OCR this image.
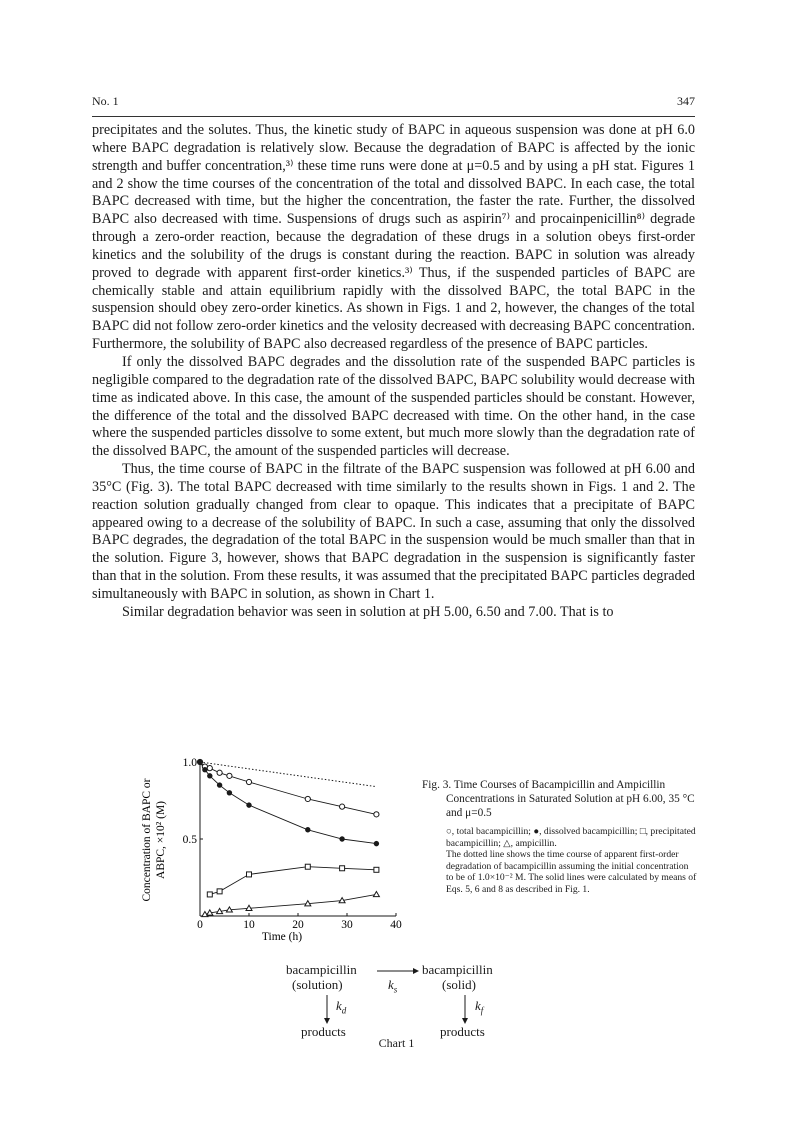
No. 1	347

precipitates and the solutes. Thus, the kinetic study of BAPC in aqueous suspension was done at pH 6.0 where BAPC degradation is relatively slow. Because the degradation of BAPC is affected by the ionic strength and buffer concentration,³⁾ these time runs were done at μ=0.5 and by using a pH stat. Figures 1 and 2 show the time courses of the concentration of the total and dissolved BAPC. In each case, the total BAPC decreased with time, but the higher the concentration, the faster the rate. Further, the dissolved BAPC also decreased with time. Suspensions of drugs such as aspirin⁷⁾ and procainpenicillin⁸⁾ degrade through a zero-order reaction, because the degradation of these drugs in a solution obeys first-order kinetics and the solubility of the drugs is constant during the reaction. BAPC in solution was already proved to degrade with apparent first-order kinetics.³⁾ Thus, if the suspended particles of BAPC are chemically stable and attain equilibrium rapidly with the dissolved BAPC, the total BAPC in the suspension should obey zero-order kinetics. As shown in Figs. 1 and 2, however, the changes of the total BAPC did not follow zero-order kinetics and the velosity decreased with decreasing BAPC concentration. Furthermore, the solubility of BAPC also decreased regardless of the presence of BAPC particles.

If only the dissolved BAPC degrades and the dissolution rate of the suspended BAPC particles is negligible compared to the degradation rate of the dissolved BAPC, BAPC solubility would decrease with time as indicated above. In this case, the amount of the suspended particles should be constant. However, the difference of the total and the dissolved BAPC decreased with time. On the other hand, in the case where the suspended particles dissolve to some extent, but much more slowly than the degradation rate of the dissolved BAPC, the amount of the suspended particles will decrease.

Thus, the time course of BAPC in the filtrate of the BAPC suspension was followed at pH 6.00 and 35°C (Fig. 3). The total BAPC decreased with time similarly to the results shown in Figs. 1 and 2. The reaction solution gradually changed from clear to opaque. This indicates that a precipitate of BAPC appeared owing to a decrease of the solubility of BAPC. In such a case, assuming that only the dissolved BAPC degrades, the degradation of the total BAPC in the suspension would be much smaller than that in the solution. Figure 3, however, shows that BAPC degradation in the suspension is significantly faster than that in the solution. From these results, it was assumed that the precipitated BAPC particles degraded simultaneously with BAPC in solution, as shown in Chart 1.

Similar degradation behavior was seen in solution at pH 5.00, 6.50 and 7.00. That is to

0	10	20	30	40
0.5
1.0
Concentration of BAPC or ABPC, ×10² (M)
Time (h)

Fig. 3. Time Courses of Bacampicillin and Ampicillin Concentrations in Saturated Solution at pH 6.00, 35 °C and μ=0.5

○, total bacampicillin; ●, dissolved bacampicillin; □, precipitated bacampicillin; △, ampicillin.

The dotted line shows the time course of apparent first-order degradation of bacampicillin assuming the initial concentration to be of 1.0×10⁻² M. The solid lines were calculated by means of Eqs. 5, 6 and 8 as described in Fig. 1.

bacampicillin
(solution)	$k_s$
bacampicillin
(solid)
$k_d$	$k_f$
products	products
Chart 1
